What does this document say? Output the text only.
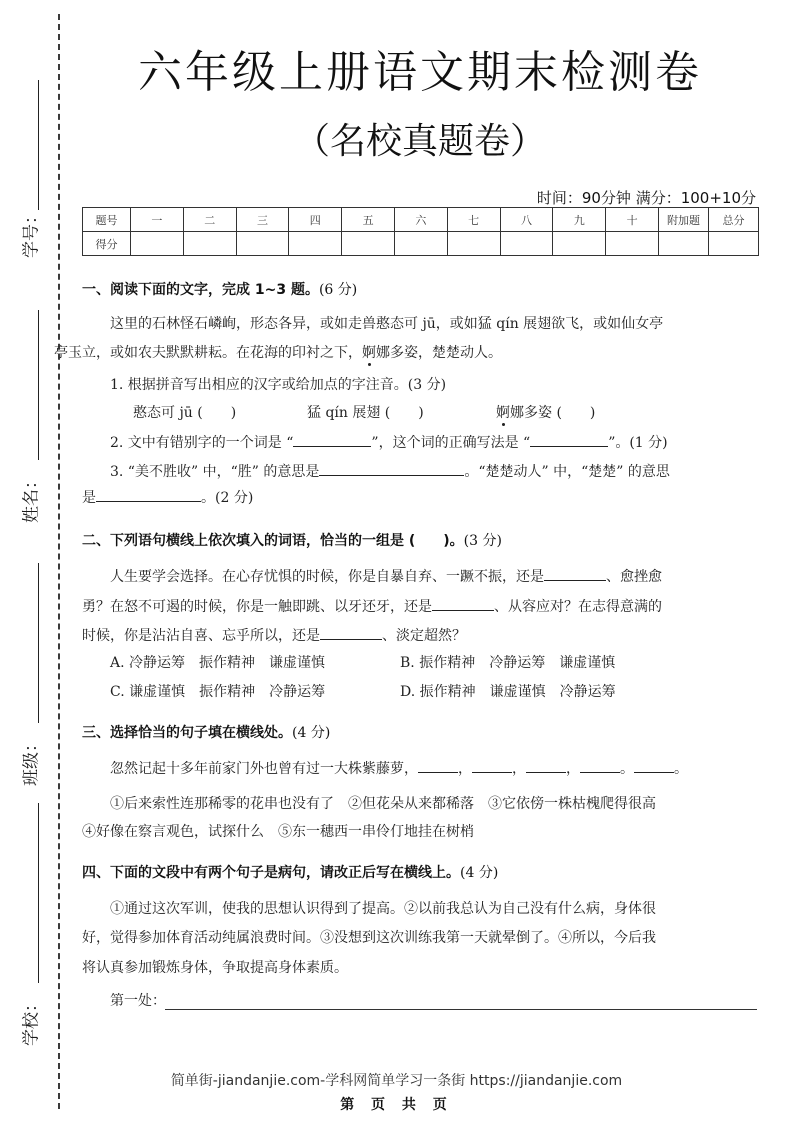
学号：
姓名：
班级：
学校：
六年级上册语文期末检测卷
（名校真题卷）
时间：90分钟 满分：100+10分
题号	一	二	三	四	五	六	七	八	九	十	附加题	总分
得分												
一、阅读下面的文字，完成 1~3 题。(6 分)
这里的石林怪石嶙峋，形态各异，或如走兽憨态可 jū，或如猛 qín 展翅欲飞，或如仙女亭
亭玉立，或如农夫默默耕耘。在花海的印衬之下，婀娜多姿，楚楚动人。
1. 根据拼音写出相应的汉字或给加点的字注音。(3 分)
憨态可 jū (　　)	猛 qín 展翅 (　　)	婀娜多姿 (　　)
2. 文中有错别字的一个词是 “	”，这个词的正确写法是 “	”。(1 分)
3. “美不胜收” 中，“胜” 的意思是	。“楚楚动人” 中，“楚楚” 的意思
是	。(2 分)
二、下列语句横线上依次填入的词语，恰当的一组是 (　　)。(3 分)
人生要学会选择。在心存忧惧的时候，你是自暴自弃、一蹶不振，还是	、愈挫愈
勇？在怒不可遏的时候，你是一触即跳、以牙还牙，还是	、从容应对？在志得意满的
时候，你是沾沾自喜、忘乎所以，还是	、淡定超然？
A. 冷静运筹　振作精神　谦虚谨慎	B. 振作精神　冷静运筹　谦虚谨慎
C. 谦虚谨慎　振作精神　冷静运筹	D. 振作精神　谦虚谨慎　冷静运筹
三、选择恰当的句子填在横线处。(4 分)
忽然记起十多年前家门外也曾有过一大株紫藤萝，	，	，	，	。	。
①后来索性连那稀零的花串也没有了　②但花朵从来都稀落　③它依傍一株枯槐爬得很高
④好像在察言观色，试探什么　⑤东一穗西一串伶仃地挂在树梢
四、下面的文段中有两个句子是病句，请改正后写在横线上。(4 分)
①通过这次军训，使我的思想认识得到了提高。②以前我总认为自己没有什么病，身体很
好，觉得参加体育活动纯属浪费时间。③没想到这次训练我第一天就晕倒了。④所以，今后我
将认真参加锻炼身体，争取提高身体素质。
第一处：
简单街-jiandanjie.com-学科网简单学习一条街 https://jiandanjie.com
第 页 共 页
